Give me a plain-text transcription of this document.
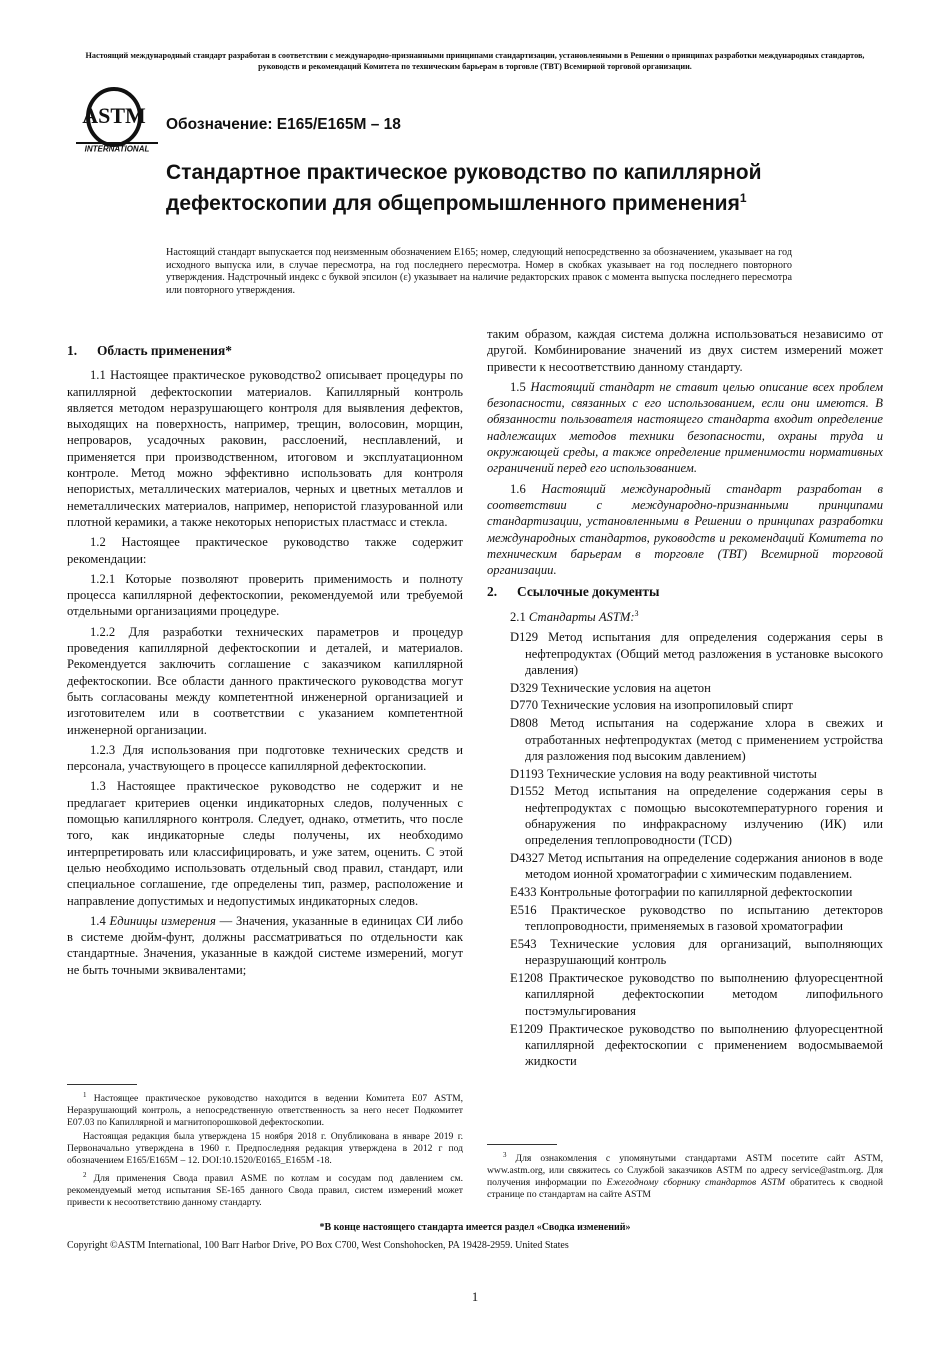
Настоящий международный стандарт разработан в соответствии с международно-признанными принципами стандартизации, установленными в Решении о принципах разработки международных стандартов, руководств и рекомендаций Комитета по техническим барьерам в торговле (ТВТ) Всемирной торговой организации.
ASTM
INTERNATIONAL
Обозначение: E165/E165M – 18
Стандартное практическое руководство по капиллярной дефектоскопии для общепромышленного применения$^1$
Настоящий стандарт выпускается под неизменным обозначением E165; номер, следующий непосредственно за обозначением, указывает на год исходного выпуска или, в случае пересмотра, на год последнего пересмотра. Номер в скобках указывает на год последнего повторного утверждения. Надстрочный индекс с буквой эпсилон (ε) указывает на наличие редакторских правок с момента выпуска последнего пересмотра или повторного утверждения.
1. Область применения*

1.1 Настоящее практическое руководство2 описывает процедуры по капиллярной дефектоскопии материалов. Капиллярный контроль является методом неразрушающего контроля для выявления дефектов, выходящих на поверхность, например, трещин, волосовин, морщин, непроваров, усадочных раковин, расслоений, несплавлений, и применяется при производственном, итоговом и эксплуатационном контроле. Метод можно эффективно использовать для контроля непористых, металлических материалов, черных и цветных металлов и неметаллических материалов, например, непористой глазурованной или плотной керамики, а также некоторых непористых пластмасс и стекла.

1.2 Настоящее практическое руководство также содержит рекомендации:

1.2.1 Которые позволяют проверить применимость и полноту процесса капиллярной дефектоскопии, рекомендуемой или требуемой отдельными организациями процедуре.

1.2.2 Для разработки технических параметров и процедур проведения капиллярной дефектоскопии и деталей, и материалов. Рекомендуется заключить соглашение с заказчиком капиллярной дефектоскопии. Все области данного практического руководства могут быть согласованы между компетентной инженерной организацией и изготовителем или в соответствии с указанием компетентной инженерной организации.

1.2.3 Для использования при подготовке технических средств и персонала, участвующего в процессе капиллярной дефектоскопии.

1.3 Настоящее практическое руководство не содержит и не предлагает критериев оценки индикаторных следов, полученных с помощью капиллярного контроля. Следует, однако, отметить, что после того, как индикаторные следы получены, их необходимо интерпретировать или классифицировать, и уже затем, оценить. С этой целью необходимо использовать отдельный свод правил, стандарт, или специальное соглашение, где определены тип, размер, расположение и направление допустимых и недопустимых индикаторных следов.

1.4 Единицы измерения — Значения, указанные в единицах СИ либо в системе дюйм-фунт, должны рассматриваться по отдельности как стандартные. Значения, указанные в каждой системе измерений, могут не быть точными эквивалентами;

$^1$ Настоящее практическое руководство находится в ведении Комитета E07 ASTM, Неразрушающий контроль, а непосредственную ответственность за него несет Подкомитет E07.03 по Капиллярной и магнитопорошковой дефектоскопии.

Настоящая редакция была утверждена 15 ноября 2018 г. Опубликована в январе 2019 г. Первоначально утверждена в 1960 г. Предпоследняя редакция утверждена в 2012 г под обозначением E165/E165M – 12. DOI:10.1520/E0165_E165M -18.

$^2$ Для применения Свода правил ASME по котлам и сосудам под давлением см. рекомендуемый метод испытания SE-165 данного Свода правил, систем измерений может привести к несоответствию данному стандарту.

таким образом, каждая система должна использоваться независимо от другой. Комбинирование значений из двух систем измерений может привести к несоответствию данному стандарту.

1.5 Настоящий стандарт не ставит целью описание всех проблем безопасности, связанных с его использованием, если они имеются. В обязанности пользователя настоящего стандарта входит определение надлежащих методов техники безопасности, охраны труда и окружающей среды, а также определение применимости нормативных ограничений перед его использованием.

1.6 Настоящий международный стандарт разработан в соответствии с международно-признанными принципами стандартизации, установленными в Решении о принципах разработки международных стандартов, руководств и рекомендаций Комитета по техническим барьерам в торговле (ТВТ) Всемирной торговой организации.

2. Ссылочные документы

2.1 Стандарты ASTM:$^3$

D129 Метод испытания для определения содержания серы в нефтепродуктах (Общий метод разложения в установке высокого давления)
D329 Технические условия на ацетон
D770 Технические условия на изопропиловый спирт
D808 Метод испытания на содержание хлора в свежих и отработанных нефтепродуктах (метод с применением устройства для разложения под высоким давлением)
D1193 Технические условия на воду реактивной чистоты
D1552 Метод испытания на определение содержания серы в нефтепродуктах с помощью высокотемпературного горения и обнаружения по инфракрасному излучению (ИК) или определения теплопроводности (TCD)
D4327 Метод испытания на определение содержания анионов в воде методом ионной хроматографии с химическим подавлением.
E433 Контрольные фотографии по капиллярной дефектоскопии
E516 Практическое руководство по испытанию детекторов теплопроводности, применяемых в газовой хроматографии
E543 Технические условия для организаций, выполняющих неразрушающий контроль
E1208 Практическое руководство по выполнению флуоресцентной капиллярной дефектоскопии методом липофильного постэмульгирования
E1209 Практическое руководство по выполнению флуоресцентной капиллярной дефектоскопии с применением водосмываемой жидкости

$^3$ Для ознакомления с упомянутыми стандартами ASTM посетите сайт ASTM, www.astm.org, или свяжитесь со Службой заказчиков ASTM по адресу service@astm.org. Для получения информации по Ежегодному сборнику стандартов ASTM обратитесь к сводной странице по стандартам на сайте ASTM

*В конце настоящего стандарта имеется раздел «Сводка изменений»
Copyright ©ASTM International, 100 Barr Harbor Drive, PO Box C700, West Conshohocken, PA 19428-2959. United States
1
